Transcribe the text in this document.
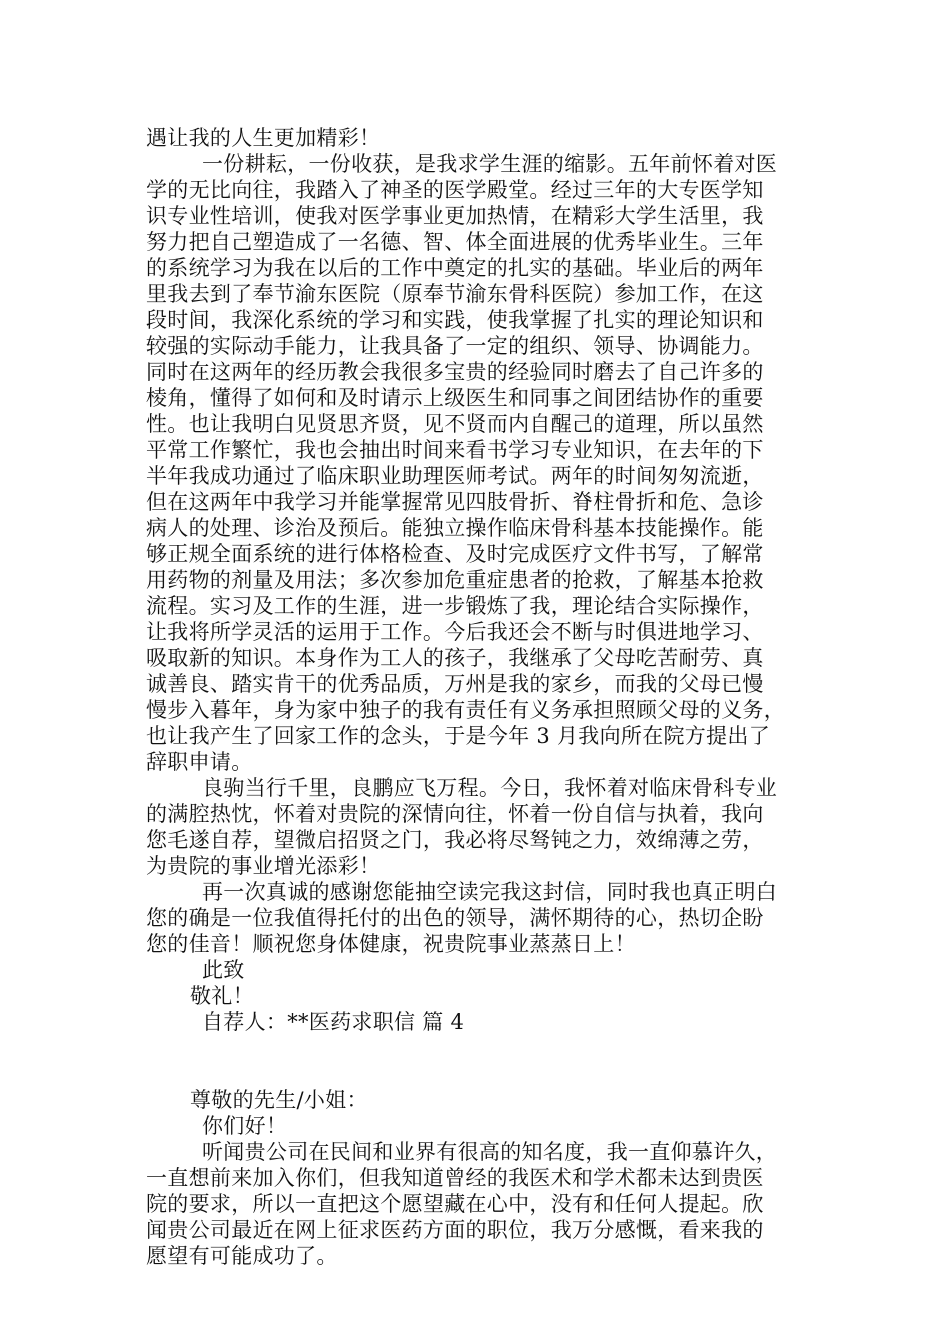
遇让我的人生更加精彩！
一份耕耘，一份收获，是我求学生涯的缩影。五年前怀着对医
学的无比向往，我踏入了神圣的医学殿堂。经过三年的大专医学知
识专业性培训，使我对医学事业更加热情，在精彩大学生活里，我
努力把自己塑造成了一名德、智、体全面进展的优秀毕业生。三年
的系统学习为我在以后的工作中奠定的扎实的基础。毕业后的两年
里我去到了奉节渝东医院（原奉节渝东骨科医院）参加工作，在这
段时间，我深化系统的学习和实践，使我掌握了扎实的理论知识和
较强的实际动手能力，让我具备了一定的组织、领导、协调能力。
同时在这两年的经历教会我很多宝贵的经验同时磨去了自己许多的
棱角，懂得了如何和及时请示上级医生和同事之间团结协作的重要
性。也让我明白见贤思齐贤，见不贤而内自醒己的道理，所以虽然
平常工作繁忙，我也会抽出时间来看书学习专业知识，在去年的下
半年我成功通过了临床职业助理医师考试。两年的时间匆匆流逝，
但在这两年中我学习并能掌握常见四肢骨折、脊柱骨折和危、急诊
病人的处理、诊治及预后。能独立操作临床骨科基本技能操作。能
够正规全面系统的进行体格检查、及时完成医疗文件书写，了解常
用药物的剂量及用法；多次参加危重症患者的抢救，了解基本抢救
流程。实习及工作的生涯，进一步锻炼了我，理论结合实际操作，
让我将所学灵活的运用于工作。今后我还会不断与时俱进地学习、
吸取新的知识。本身作为工人的孩子，我继承了父母吃苦耐劳、真
诚善良、踏实肯干的优秀品质，万州是我的家乡，而我的父母已慢
慢步入暮年，身为家中独子的我有责任有义务承担照顾父母的义务，
也让我产生了回家工作的念头，于是今年 3 月我向所在院方提出了
辞职申请。
良驹当行千里，良鹏应飞万程。今日，我怀着对临床骨科专业
的满腔热忱，怀着对贵院的深情向往，怀着一份自信与执着，我向
您毛遂自荐，望微启招贤之门，我必将尽驽钝之力，效绵薄之劳，
为贵院的事业增光添彩！
再一次真诚的感谢您能抽空读完我这封信，同时我也真正明白
您的确是一位我值得托付的出色的领导，满怀期待的心，热切企盼
您的佳音！顺祝您身体健康，祝贵院事业蒸蒸日上！
此致
敬礼！
自荐人：**医药求职信 篇 4
尊敬的先生/小姐：
你们好！
听闻贵公司在民间和业界有很高的知名度，我一直仰慕许久，
一直想前来加入你们，但我知道曾经的我医术和学术都未达到贵医
院的要求，所以一直把这个愿望藏在心中，没有和任何人提起。欣
闻贵公司最近在网上征求医药方面的职位，我万分感慨，看来我的
愿望有可能成功了。
